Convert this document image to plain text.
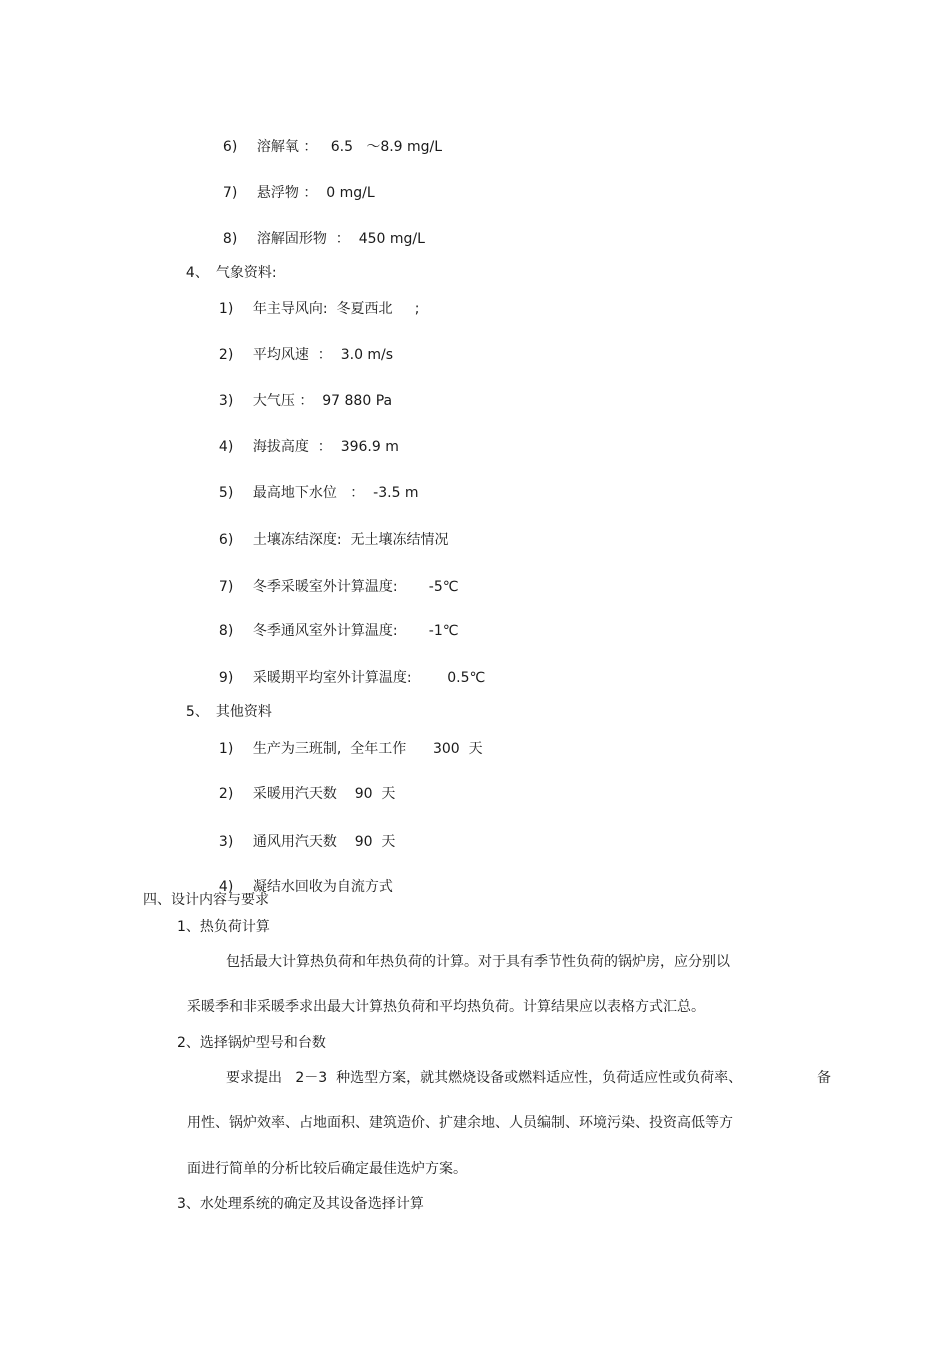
6) 溶解氧 ：   6.5   ～8.9 mg/L

7) 悬浮物 ：  0 mg/L

8) 溶解固形物  ：  450 mg/L

4、 气象资料:

1) 年主导风向:  冬夏西北     ;

2) 平均风速  ：  3.0 m/s

3) 大气压 ：  97 880 Pa

4) 海拔高度  ：  396.9 m

5) 最高地下水位   ：  -3.5 m

6) 土壤冻结深度:  无土壤冻结情况

7) 冬季采暖室外计算温度:       -5℃

8) 冬季通风室外计算温度:       -1℃

9) 采暖期平均室外计算温度:        0.5℃

5、 其他资料

1) 生产为三班制,  全年工作      300  天

2) 采暖用汽天数    90  天

3) 通风用汽天数    90  天

4) 凝结水回收为自流方式

四、设计内容与要求
1、热负荷计算
包括最大计算热负荷和年热负荷的计算。对于具有季节性负荷的锅炉房，应分别以
采暖季和非采暖季求出最大计算热负荷和平均热负荷。计算结果应以表格方式汇总。
2、选择锅炉型号和台数
要求提出   2－3  种选型方案，就其燃烧设备或燃料适应性，负荷适应性或负荷率、	备
用性、锅炉效率、占地面积、建筑造价、扩建余地、人员编制、环境污染、投资高低等方
面进行简单的分析比较后确定最佳选炉方案。
3、水处理系统的确定及其设备选择计算
